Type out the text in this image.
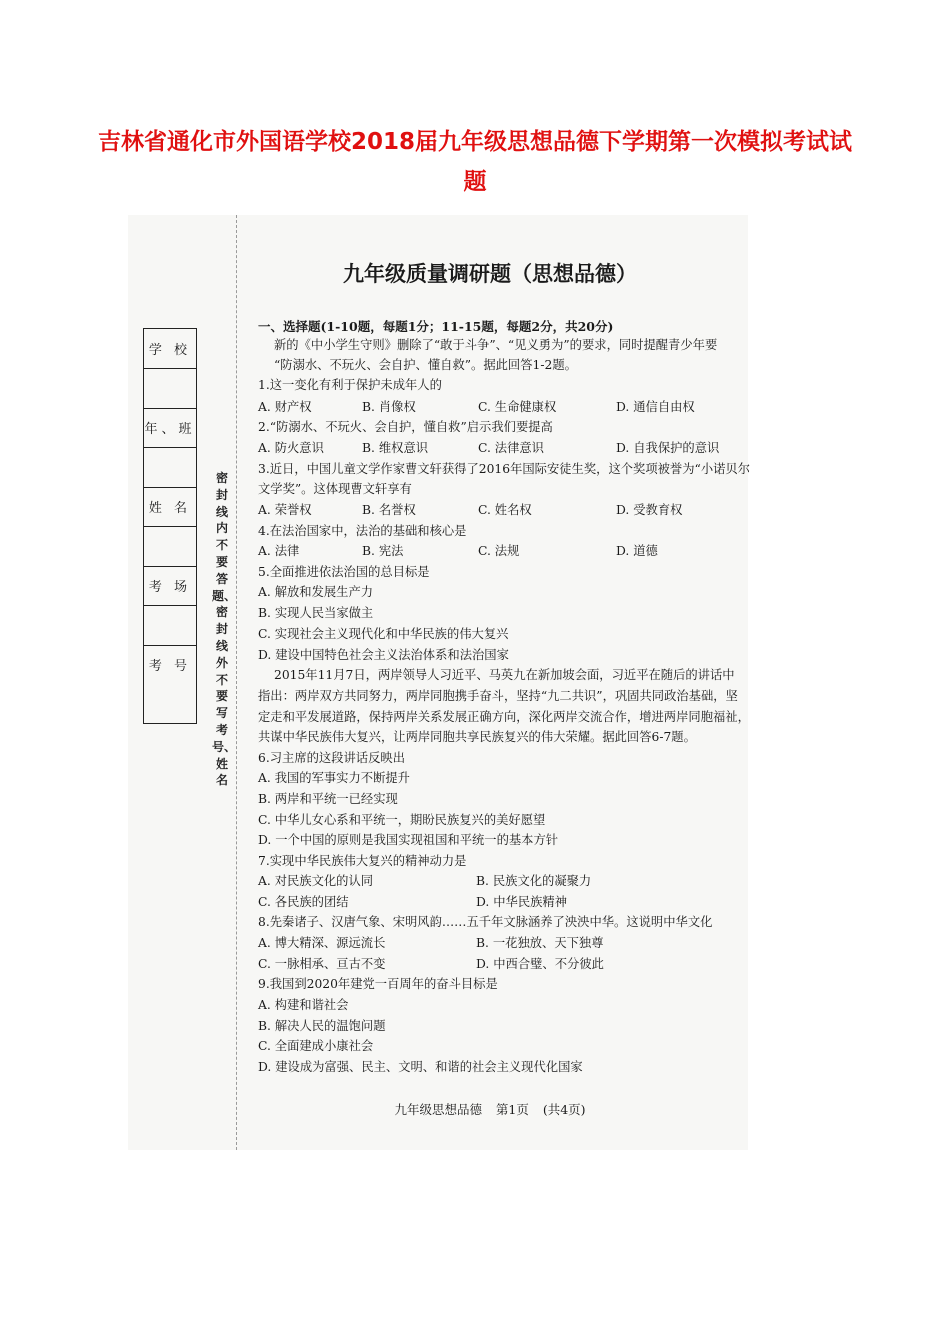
吉林省通化市外国语学校2018届九年级思想品德下学期第一次模拟考试试
题
学 校
年、班
姓 名
考 场
考 号
密封线内不要答题、密封线外不要写考号、姓名
九年级质量调研题（思想品德）
一、选择题(1-10题，每题1分；11-15题，每题2分，共20分)
新的《中小学生守则》删除了“敢于斗争”、“见义勇为”的要求，同时提醒青少年要
“防溺水、不玩火、会自护、懂自救”。据此回答1-2题。
1.这一变化有利于保护未成年人的
A. 财产权	B. 肖像权	C. 生命健康权	D. 通信自由权
2.“防溺水、不玩火、会自护，懂自救”启示我们要提高
A. 防火意识	B. 维权意识	C. 法律意识	D. 自我保护的意识
3.近日，中国儿童文学作家曹文轩获得了2016年国际安徒生奖，这个奖项被誉为“小诺贝尔
文学奖”。这体现曹文轩享有
A. 荣誉权	B. 名誉权	C. 姓名权	D. 受教育权
4.在法治国家中，法治的基础和核心是
A. 法律	B. 宪法	C. 法规	D. 道德
5.全面推进依法治国的总目标是
A. 解放和发展生产力
B. 实现人民当家做主
C. 实现社会主义现代化和中华民族的伟大复兴
D. 建设中国特色社会主义法治体系和法治国家
2015年11月7日，两岸领导人习近平、马英九在新加坡会面，习近平在随后的讲话中
指出：两岸双方共同努力，两岸同胞携手奋斗，坚持“九二共识”，巩固共同政治基础，坚
定走和平发展道路，保持两岸关系发展正确方向，深化两岸交流合作，增进两岸同胞福祉，
共谋中华民族伟大复兴，让两岸同胞共享民族复兴的伟大荣耀。据此回答6-7题。
6.习主席的这段讲话反映出
A. 我国的军事实力不断提升
B. 两岸和平统一已经实现
C. 中华儿女心系和平统一，期盼民族复兴的美好愿望
D. 一个中国的原则是我国实现祖国和平统一的基本方针
7.实现中华民族伟大复兴的精神动力是
A. 对民族文化的认同	B. 民族文化的凝聚力
C. 各民族的团结	D. 中华民族精神
8.先秦诸子、汉唐气象、宋明风韵……五千年文脉涵养了泱泱中华。这说明中华文化
A. 博大精深、源远流长	B. 一花独放、天下独尊
C. 一脉相承、亘古不变	D. 中西合璧、不分彼此
9.我国到2020年建党一百周年的奋斗目标是
A. 构建和谐社会
B. 解决人民的温饱问题
C. 全面建成小康社会
D. 建设成为富强、民主、文明、和谐的社会主义现代化国家
九年级思想品德 第1页 (共4页)
